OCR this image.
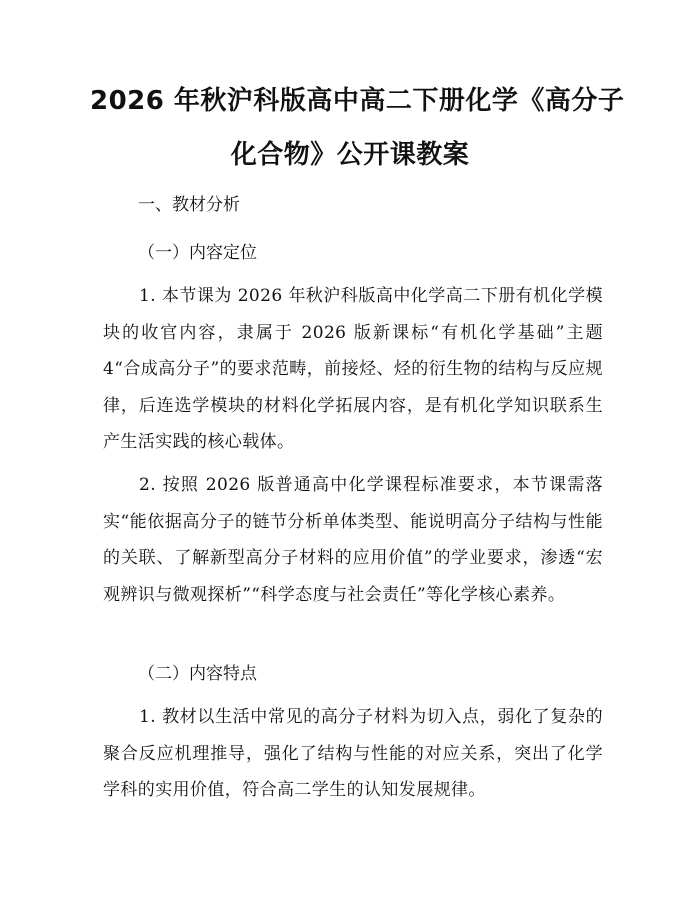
2026 年秋沪科版高中高二下册化学《高分子
化合物》公开课教案
一、教材分析
（一）内容定位
1. 本节课为 2026 年秋沪科版高中化学高二下册有机化学模块的收官内容，隶属于 2026 版新课标“有机化学基础”主题 4“合成高分子”的要求范畴，前接烃、烃的衍生物的结构与反应规律，后连选学模块的材料化学拓展内容，是有机化学知识联系生产生活实践的核心载体。
2. 按照 2026 版普通高中化学课程标准要求，本节课需落实“能依据高分子的链节分析单体类型、能说明高分子结构与性能的关联、了解新型高分子材料的应用价值”的学业要求，渗透“宏观辨识与微观探析”“科学态度与社会责任”等化学核心素养。
（二）内容特点
1. 教材以生活中常见的高分子材料为切入点，弱化了复杂的聚合反应机理推导，强化了结构与性能的对应关系，突出了化学学科的实用价值，符合高二学生的认知发展规律。
